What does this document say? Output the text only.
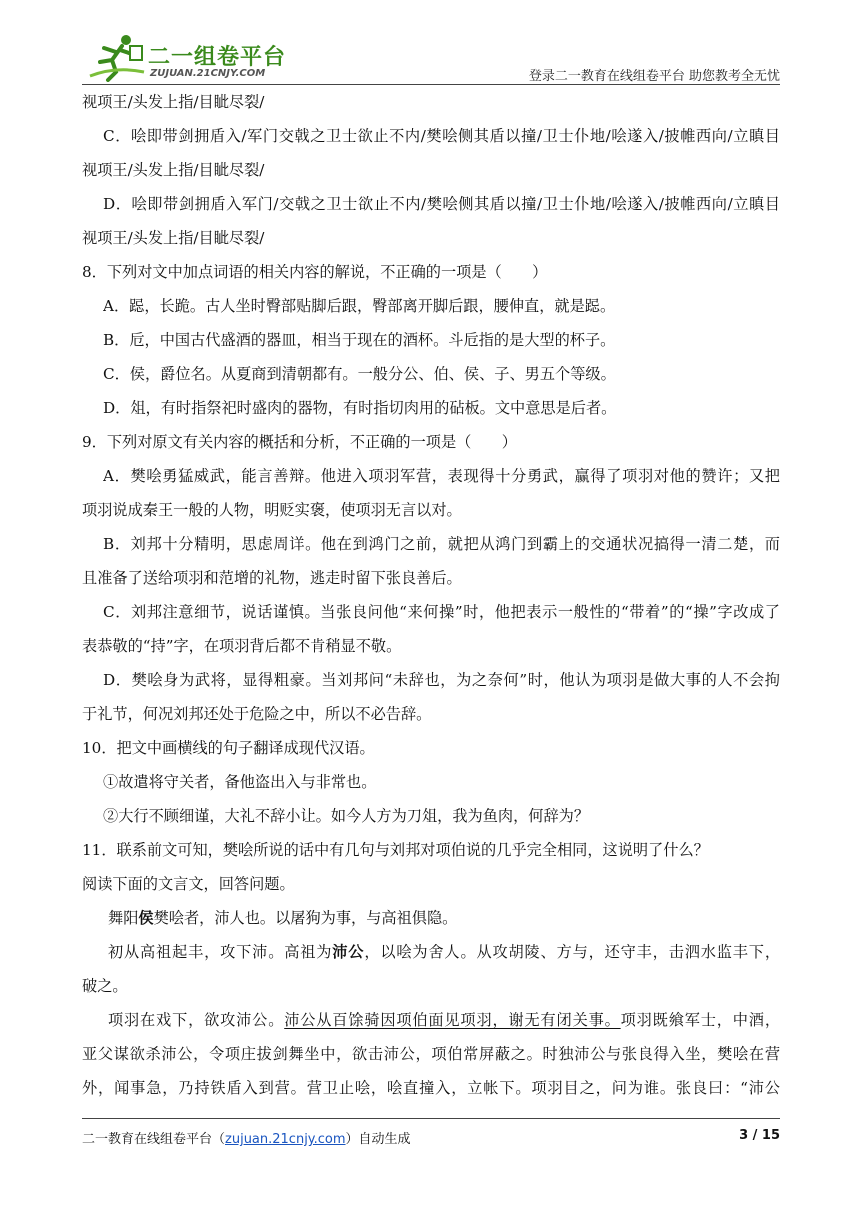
二一组卷平台
ZUJUAN.21CNJY.COM	登录二一教育在线组卷平台 助您教考全无忧
视项王/头发上指/目眦尽裂/
C．哙即带剑拥盾入/军门交戟之卫士欲止不内/樊哙侧其盾以撞/卫士仆地/哙遂入/披帷西向/立瞋目
视项王/头发上指/目眦尽裂/
D．哙即带剑拥盾入军门/交戟之卫士欲止不内/樊哙侧其盾以撞/卫士仆地/哙遂入/披帷西向/立瞋目
视项王/头发上指/目眦尽裂/
8．下列对文中加点词语的相关内容的解说，不正确的一项是（　　）
A．跽，长跪。古人坐时臀部贴脚后跟，臀部离开脚后跟，腰伸直，就是跽。
B．卮，中国古代盛酒的器皿，相当于现在的酒杯。斗卮指的是大型的杯子。
C．侯，爵位名。从夏商到清朝都有。一般分公、伯、侯、子、男五个等级。
D．俎，有时指祭祀时盛肉的器物，有时指切肉用的砧板。文中意思是后者。
9．下列对原文有关内容的概括和分析，不正确的一项是（　　）
A．樊哙勇猛威武，能言善辩。他进入项羽军营，表现得十分勇武，赢得了项羽对他的赞许；又把
项羽说成秦王一般的人物，明贬实褒，使项羽无言以对。
B．刘邦十分精明，思虑周详。他在到鸿门之前，就把从鸿门到霸上的交通状况搞得一清二楚，而
且准备了送给项羽和范增的礼物，逃走时留下张良善后。
C．刘邦注意细节，说话谨慎。当张良问他“来何操”时，他把表示一般性的“带着”的“操”字改成了
表恭敬的“持”字，在项羽背后都不肯稍显不敬。
D．樊哙身为武将，显得粗豪。当刘邦问“未辞也，为之奈何”时，他认为项羽是做大事的人不会拘
于礼节，何况刘邦还处于危险之中，所以不必告辞。
10．把文中画横线的句子翻译成现代汉语。
①故遣将守关者，备他盗出入与非常也。
②大行不顾细谨，大礼不辞小让。如今人方为刀俎，我为鱼肉，何辞为？
11．联系前文可知，樊哙所说的话中有几句与刘邦对项伯说的几乎完全相同，这说明了什么？
阅读下面的文言文，回答问题。
舞阳侯樊哙者，沛人也。以屠狗为事，与高祖俱隐。
初从高祖起丰，攻下沛。高祖为沛公，以哙为舍人。从攻胡陵、方与，还守丰，击泗水监丰下，
破之。
项羽在戏下，欲攻沛公。沛公从百馀骑因项伯面见项羽，谢无有闭关事。项羽既飨军士，中酒，
亚父谋欲杀沛公，令项庄拔剑舞坐中，欲击沛公，项伯常屏蔽之。时独沛公与张良得入坐，樊哙在营
外，闻事急，乃持铁盾入到营。营卫止哙，哙直撞入，立帐下。项羽目之，问为谁。张良曰：“沛公
二一教育在线组卷平台（zujuan.21cnjy.com）自动生成	3 / 15
